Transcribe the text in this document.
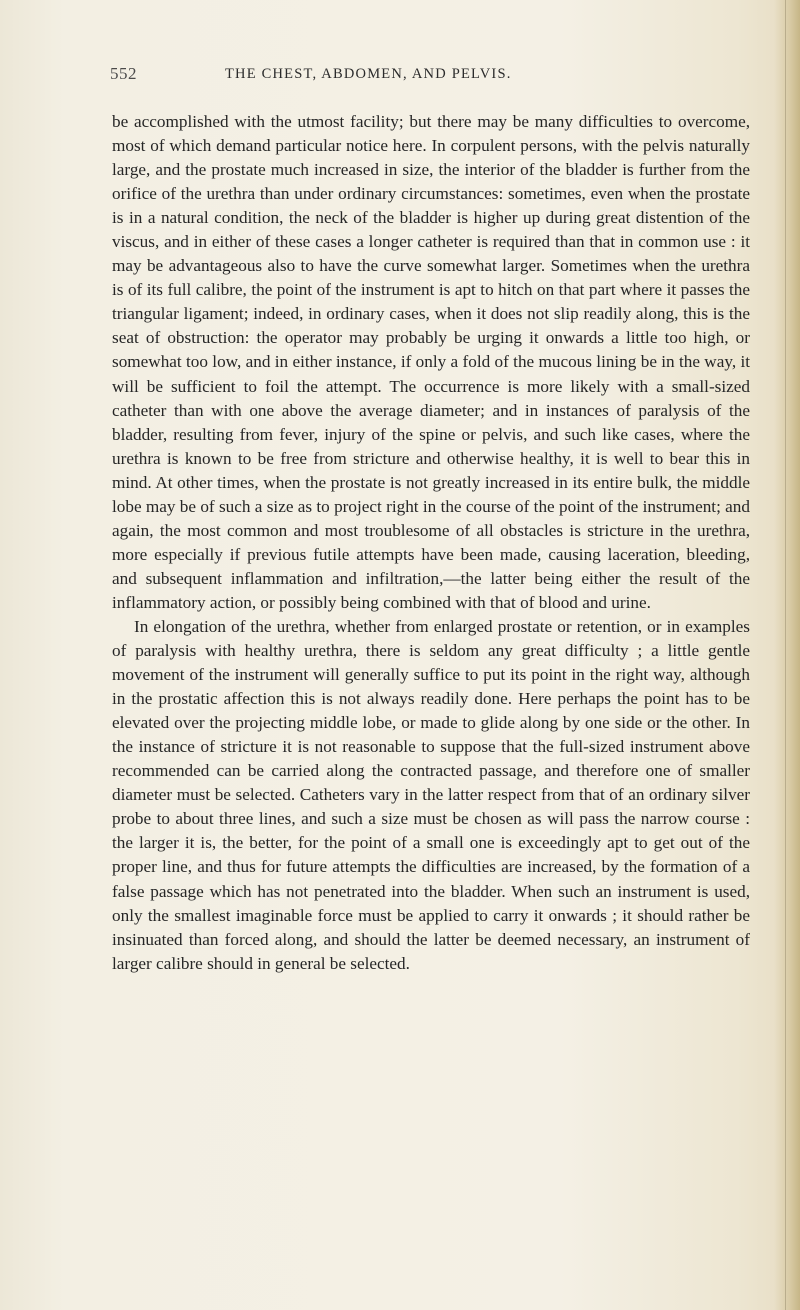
552	THE CHEST, ABDOMEN, AND PELVIS.

be accomplished with the utmost facility; but there may be many difficulties to overcome, most of which demand particular notice here. In corpulent persons, with the pelvis naturally large, and the prostate much increased in size, the interior of the bladder is further from the orifice of the urethra than under ordinary circumstances: sometimes, even when the prostate is in a natural condition, the neck of the bladder is higher up during great distention of the viscus, and in either of these cases a longer catheter is required than that in common use : it may be advantageous also to have the curve somewhat larger. Sometimes when the urethra is of its full calibre, the point of the instrument is apt to hitch on that part where it passes the triangular ligament; indeed, in ordinary cases, when it does not slip readily along, this is the seat of obstruction: the operator may probably be urging it onwards a little too high, or somewhat too low, and in either instance, if only a fold of the mucous lining be in the way, it will be sufficient to foil the attempt. The occurrence is more likely with a small-sized catheter than with one above the average diameter; and in instances of paralysis of the bladder, resulting from fever, injury of the spine or pelvis, and such like cases, where the urethra is known to be free from stricture and otherwise healthy, it is well to bear this in mind. At other times, when the prostate is not greatly increased in its entire bulk, the middle lobe may be of such a size as to project right in the course of the point of the instrument; and again, the most common and most troublesome of all obstacles is stricture in the urethra, more especially if previous futile attempts have been made, causing laceration, bleeding, and subsequent inflammation and infiltration,—the latter being either the result of the inflammatory action, or possibly being combined with that of blood and urine.

In elongation of the urethra, whether from enlarged prostate or retention, or in examples of paralysis with healthy urethra, there is seldom any great difficulty ; a little gentle movement of the instrument will generally suffice to put its point in the right way, although in the prostatic affection this is not always readily done. Here perhaps the point has to be elevated over the projecting middle lobe, or made to glide along by one side or the other. In the instance of stricture it is not reasonable to suppose that the full-sized instrument above recommended can be carried along the contracted passage, and therefore one of smaller diameter must be selected. Catheters vary in the latter respect from that of an ordinary silver probe to about three lines, and such a size must be chosen as will pass the narrow course : the larger it is, the better, for the point of a small one is exceedingly apt to get out of the proper line, and thus for future attempts the difficulties are increased, by the formation of a false passage which has not penetrated into the bladder. When such an instrument is used, only the smallest imaginable force must be applied to carry it onwards ; it should rather be insinuated than forced along, and should the latter be deemed necessary, an instrument of larger calibre should in general be selected.
